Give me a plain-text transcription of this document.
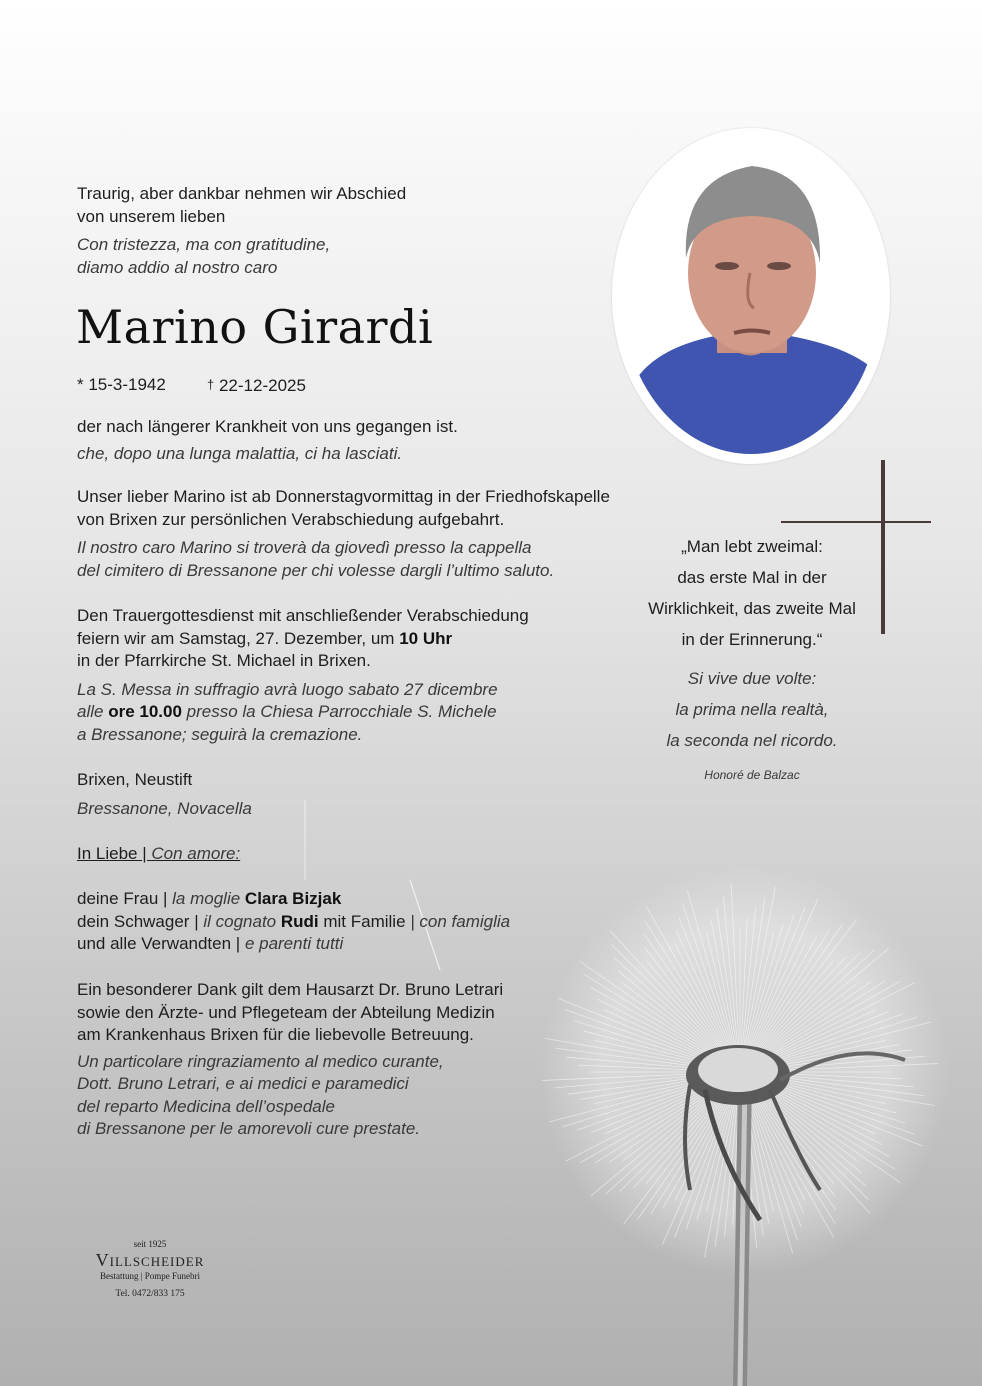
Traurig, aber dankbar nehmen wir Abschied
von unserem lieben
Con tristezza, ma con gratitudine,
diamo addio al nostro caro
Marino Girardi
* 15-3-1942	† 22-12-2025
der nach längerer Krankheit von uns gegangen ist.
che, dopo una lunga malattia, ci ha lasciati.
Unser lieber Marino ist ab Donnerstagvormittag in der Friedhofskapelle
von Brixen zur persönlichen Verabschiedung aufgebahrt.
Il nostro caro Marino si troverà da giovedì presso la cappella
del cimitero di Bressanone per chi volesse dargli l’ultimo saluto.
Den Trauergottesdienst mit anschließender Verabschiedung
feiern wir am Samstag, 27. Dezember, um 10 Uhr
in der Pfarrkirche St. Michael in Brixen.
La S. Messa in suffragio avrà luogo sabato 27 dicembre
alle ore 10.00 presso la Chiesa Parrocchiale S. Michele
a Bressanone; seguirà la cremazione.
Brixen, Neustift
Bressanone, Novacella
In Liebe | Con amore:
deine Frau | la moglie Clara Bizjak
dein Schwager | il cognato Rudi mit Familie | con famiglia
und alle Verwandten | e parenti tutti
Ein besonderer Dank gilt dem Hausarzt Dr. Bruno Letrari
sowie den Ärzte- und Pflegeteam der Abteilung Medizin
am Krankenhaus Brixen für die liebevolle Betreuung.
Un particolare ringraziamento al medico curante,
Dott. Bruno Letrari, e ai medici e paramedici
del reparto Medicina dell’ospedale
di Bressanone per le amorevoli cure prestate.
„Man lebt zweimal:
das erste Mal in der
Wirklichkeit, das zweite Mal
in der Erinnerung.“
Si vive due volte:
la prima nella realtà,
la seconda nel ricordo.
Honoré de Balzac
seit 1925
Villscheider
Bestattung | Pompe Funebri
Tel. 0472/833 175
